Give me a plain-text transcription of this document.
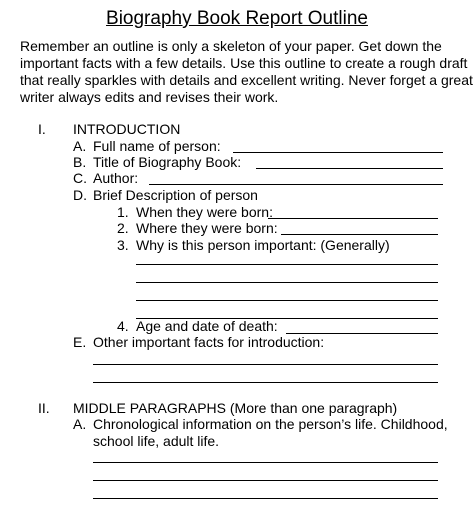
Biography Book Report Outline
Remember an outline is only a skeleton of your paper. Get down the
important facts with a few details. Use this outline to create a rough draft
that really sparkles with details and excellent writing. Never forget a great
writer always edits and revises their work.
I. INTRODUCTION
A. Full name of person:
B. Title of Biography Book:
C. Author:
D. Brief Description of person
1. When they were born:
2. Where they were born:
3. Why is this person important: (Generally)
4. Age and date of death:
E. Other important facts for introduction:
II. MIDDLE PARAGRAPHS (More than one paragraph)
A. Chronological information on the person’s life. Childhood,
school life, adult life.
